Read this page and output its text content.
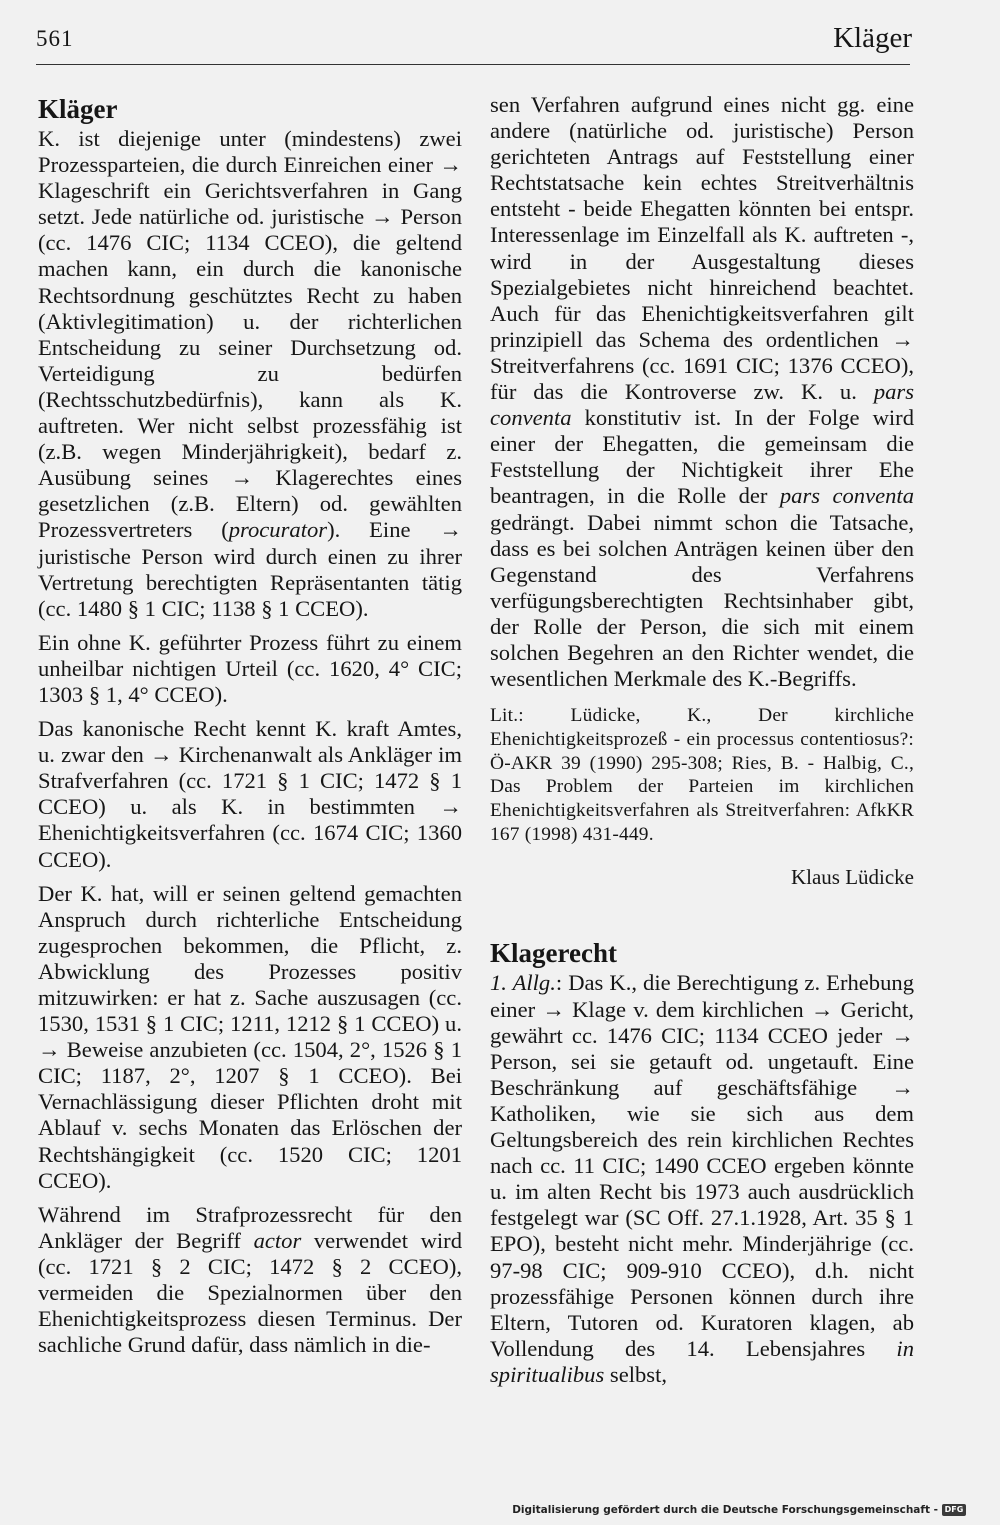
561	Kläger
Kläger

K. ist diejenige unter (mindestens) zwei Prozessparteien, die durch Einreichen einer → Klageschrift ein Gerichtsverfahren in Gang setzt. Jede natürliche od. juristische → Person (cc. 1476 CIC; 1134 CCEO), die geltend machen kann, ein durch die kanonische Rechtsordnung geschütztes Recht zu haben (Aktivlegitimation) u. der richterlichen Entscheidung zu seiner Durchsetzung od. Verteidigung zu bedürfen (Rechtsschutzbedürfnis), kann als K. auftreten. Wer nicht selbst prozessfähig ist (z.B. wegen Minderjährigkeit), bedarf z. Ausübung seines → Klagerechtes eines gesetzlichen (z.B. Eltern) od. gewählten Prozessvertreters (procurator). Eine → juristische Person wird durch einen zu ihrer Vertretung berechtigten Repräsentanten tätig (cc. 1480 § 1 CIC; 1138 § 1 CCEO).

Ein ohne K. geführter Prozess führt zu einem unheilbar nichtigen Urteil (cc. 1620, 4° CIC; 1303 § 1, 4° CCEO).

Das kanonische Recht kennt K. kraft Amtes, u. zwar den → Kirchenanwalt als Ankläger im Strafverfahren (cc. 1721 § 1 CIC; 1472 § 1 CCEO) u. als K. in bestimmten → Ehenichtigkeitsverfahren (cc. 1674 CIC; 1360 CCEO).

Der K. hat, will er seinen geltend gemachten Anspruch durch richterliche Entscheidung zugesprochen bekommen, die Pflicht, z. Abwicklung des Prozesses positiv mitzuwirken: er hat z. Sache auszusagen (cc. 1530, 1531 § 1 CIC; 1211, 1212 § 1 CCEO) u. → Beweise anzubieten (cc. 1504, 2°, 1526 § 1 CIC; 1187, 2°, 1207 § 1 CCEO). Bei Vernachlässigung dieser Pflichten droht mit Ablauf v. sechs Monaten das Erlöschen der Rechtshängigkeit (cc. 1520 CIC; 1201 CCEO).

Während im Strafprozessrecht für den Ankläger der Begriff actor verwendet wird (cc. 1721 § 2 CIC; 1472 § 2 CCEO), vermeiden die Spezialnormen über den Ehenichtigkeitsprozess diesen Terminus. Der sachliche Grund dafür, dass nämlich in die-

sen Verfahren aufgrund eines nicht gg. eine andere (natürliche od. juristische) Person gerichteten Antrags auf Feststellung einer Rechtstatsache kein echtes Streitverhältnis entsteht - beide Ehegatten könnten bei entspr. Interessenlage im Einzelfall als K. auftreten -, wird in der Ausgestaltung dieses Spezialgebietes nicht hinreichend beachtet. Auch für das Ehenichtigkeitsverfahren gilt prinzipiell das Schema des ordentlichen → Streitverfahrens (cc. 1691 CIC; 1376 CCEO), für das die Kontroverse zw. K. u. pars conventa konstitutiv ist. In der Folge wird einer der Ehegatten, die gemeinsam die Feststellung der Nichtigkeit ihrer Ehe beantragen, in die Rolle der pars conventa gedrängt. Dabei nimmt schon die Tatsache, dass es bei solchen Anträgen keinen über den Gegenstand des Verfahrens verfügungsberechtigten Rechtsinhaber gibt, der Rolle der Person, die sich mit einem solchen Begehren an den Richter wendet, die wesentlichen Merkmale des K.-Begriffs.

Lit.: Lüdicke, K., Der kirchliche Ehenichtigkeitsprozeß - ein processus contentiosus?: Ö-AKR 39 (1990) 295-308; Ries, B. - Halbig, C., Das Problem der Parteien im kirchlichen Ehenichtigkeitsverfahren als Streitverfahren: AfkKR 167 (1998) 431-449.
Klaus Lüdicke
Klagerecht

1. Allg.: Das K., die Berechtigung z. Erhebung einer → Klage v. dem kirchlichen → Gericht, gewährt cc. 1476 CIC; 1134 CCEO jeder → Person, sei sie getauft od. ungetauft. Eine Beschränkung auf geschäftsfähige → Katholiken, wie sie sich aus dem Geltungsbereich des rein kirchlichen Rechtes nach cc. 11 CIC; 1490 CCEO ergeben könnte u. im alten Recht bis 1973 auch ausdrücklich festgelegt war (SC Off. 27.1.1928, Art. 35 § 1 EPO), besteht nicht mehr. Minderjährige (cc. 97-98 CIC; 909-910 CCEO), d.h. nicht prozessfähige Personen können durch ihre Eltern, Tutoren od. Kuratoren klagen, ab Vollendung des 14. Lebensjahres in spiritualibus selbst,

Digitalisierung gefördert durch die Deutsche Forschungsgemeinschaft - DFG
